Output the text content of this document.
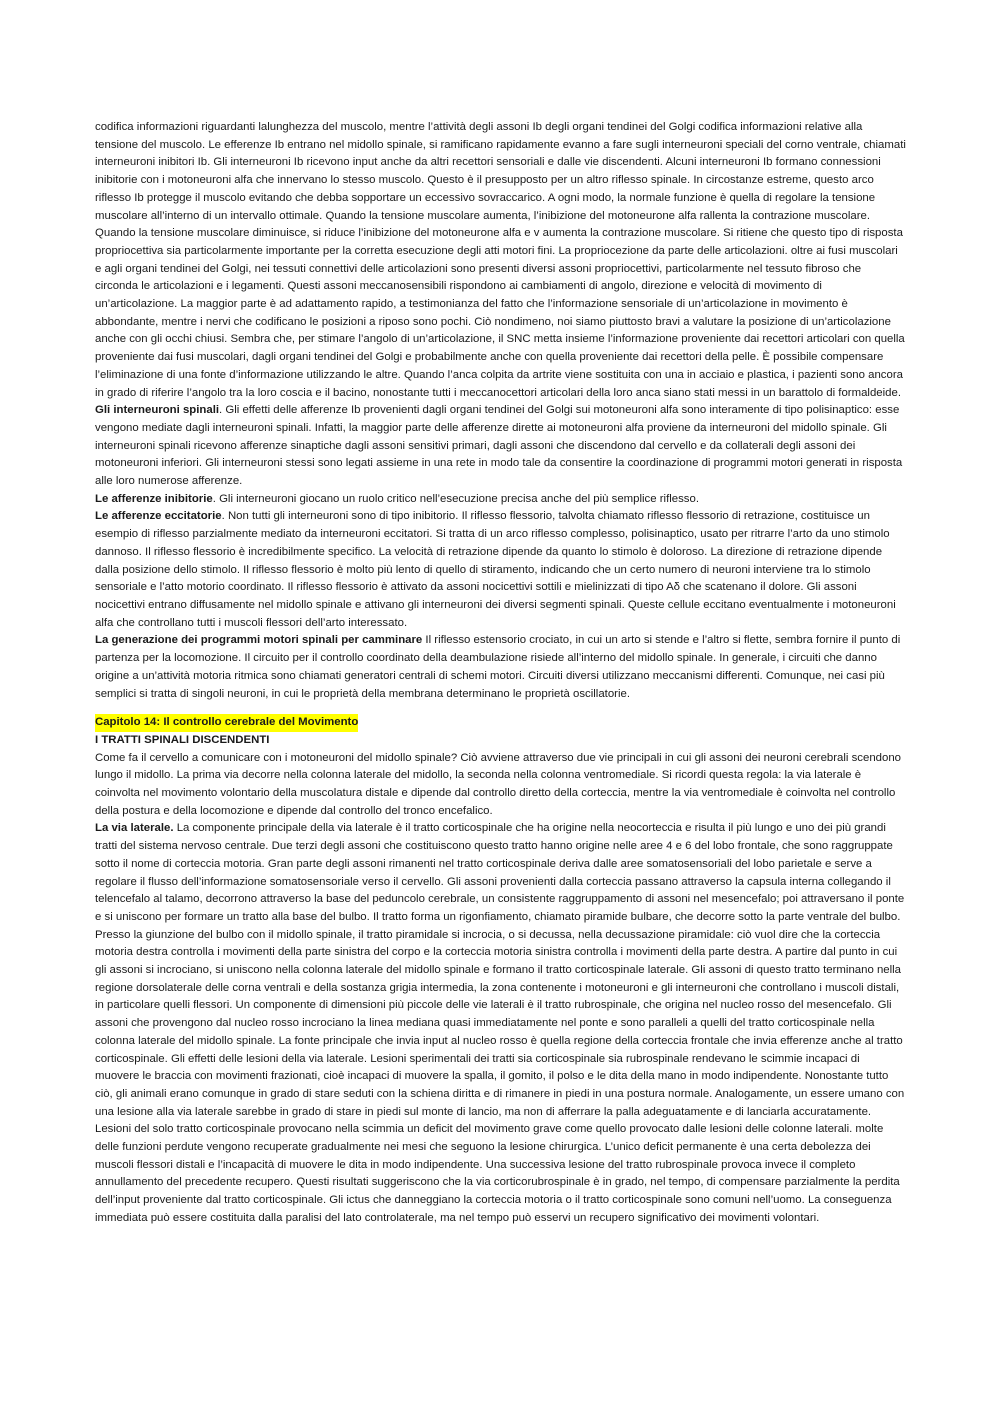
codifica informazioni riguardanti lalunghezza del muscolo, mentre l’attività degli assoni Ib degli organi tendinei del Golgi codifica informazioni relative alla tensione del muscolo. Le efferenze Ib entrano nel midollo spinale, si ramificano rapidamente evanno a fare sugli interneuroni speciali del corno ventrale, chiamati interneuroni inibitori Ib. Gli interneuroni Ib ricevono input anche da altri recettori sensoriali e dalle vie discendenti. Alcuni interneuroni Ib formano connessioni inibitorie con i motoneuroni alfa che innervano lo stesso muscolo. Questo è il presupposto per un altro riflesso spinale. In circostanze estreme, questo arco riflesso Ib protegge il muscolo evitando che debba sopportare un eccessivo sovraccarico. A ogni modo, la normale funzione è quella di regolare la tensione muscolare all’interno di un intervallo ottimale. Quando la tensione muscolare aumenta, l’inibizione del motoneurone alfa rallenta la contrazione muscolare. Quando la tensione muscolare diminuisce, si riduce l’inibizione del motoneurone alfa e v aumenta la contrazione muscolare. Si ritiene che questo tipo di risposta propriocettiva sia particolarmente importante per la corretta esecuzione degli atti motori fini. La propriocezione da parte delle articolazioni. oltre ai fusi muscolari e agli organi tendinei del Golgi, nei tessuti connettivi delle articolazioni sono presenti diversi assoni propriocettivi, particolarmente nel tessuto fibroso che circonda le articolazioni e i legamenti. Questi assoni meccanosensibili rispondono ai cambiamenti di angolo, direzione e velocità di movimento di un’articolazione. La maggior parte è ad adattamento rapido, a testimonianza del fatto che l’informazione sensoriale di un’articolazione in movimento è abbondante, mentre i nervi che codificano le posizioni a riposo sono pochi. Ciò nondimeno, noi siamo piuttosto bravi a valutare la posizione di un’articolazione anche con gli occhi chiusi. Sembra che, per stimare l’angolo di un’articolazione, il SNC metta insieme l’informazione proveniente dai recettori articolari con quella proveniente dai fusi muscolari, dagli organi tendinei del Golgi e probabilmente anche con quella proveniente dai recettori della pelle. È possibile compensare l’eliminazione di una fonte d’informazione utilizzando le altre. Quando l’anca colpita da artrite viene sostituita con una in acciaio e plastica, i pazienti sono ancora in grado di riferire l’angolo tra la loro coscia e il bacino, nonostante tutti i meccanocettori articolari della loro anca siano stati messi in un barattolo di formaldeide.

Gli interneuroni spinali. Gli effetti delle afferenze Ib provenienti dagli organi tendinei del Golgi sui motoneuroni alfa sono interamente di tipo polisinaptico: esse vengono mediate dagli interneuroni spinali. Infatti, la maggior parte delle afferenze dirette ai motoneuroni alfa proviene da interneuroni del midollo spinale. Gli interneuroni spinali ricevono afferenze sinaptiche dagli assoni sensitivi primari, dagli assoni che discendono dal cervello e da collaterali degli assoni dei motoneuroni inferiori. Gli interneuroni stessi sono legati assieme in una rete in modo tale da consentire la coordinazione di programmi motori generati in risposta alle loro numerose afferenze.

Le afferenze inibitorie. Gli interneuroni giocano un ruolo critico nell’esecuzione precisa anche del più semplice riflesso.

Le afferenze eccitatorie. Non tutti gli interneuroni sono di tipo inibitorio. Il riflesso flessorio, talvolta chiamato riflesso flessorio di retrazione, costituisce un esempio di riflesso parzialmente mediato da interneuroni eccitatori. Si tratta di un arco riflesso complesso, polisinaptico, usato per ritrarre l’arto da uno stimolo dannoso. Il riflesso flessorio è incredibilmente specifico. La velocità di retrazione dipende da quanto lo stimolo è doloroso. La direzione di retrazione dipende dalla posizione dello stimolo. Il riflesso flessorio è molto più lento di quello di stiramento, indicando che un certo numero di neuroni interviene tra lo stimolo sensoriale e l’atto motorio coordinato. Il riflesso flessorio è attivato da assoni nocicettivi sottili e mielinizzati di tipo Aδ che scatenano il dolore. Gli assoni nocicettivi entrano diffusamente nel midollo spinale e attivano gli interneuroni dei diversi segmenti spinali. Queste cellule eccitano eventualmente i motoneuroni alfa che controllano tutti i muscoli flessori dell’arto interessato.

La generazione dei programmi motori spinali per camminare Il riflesso estensorio crociato, in cui un arto si stende e l’altro si flette, sembra fornire il punto di partenza per la locomozione. Il circuito per il controllo coordinato della deambulazione risiede all’interno del midollo spinale. In generale, i circuiti che danno origine a un’attività motoria ritmica sono chiamati generatori centrali di schemi motori. Circuiti diversi utilizzano meccanismi differenti. Comunque, nei casi più semplici si tratta di singoli neuroni, in cui le proprietà della membrana determinano le proprietà oscillatorie.

Capitolo 14: Il controllo cerebrale del Movimento

I TRATTI SPINALI DISCENDENTI

Come fa il cervello a comunicare con i motoneuroni del midollo spinale? Ciò avviene attraverso due vie principali in cui gli assoni dei neuroni cerebrali scendono lungo il midollo. La prima via decorre nella colonna laterale del midollo, la seconda nella colonna ventromediale. Si ricordi questa regola: la via laterale è coinvolta nel movimento volontario della muscolatura distale e dipende dal controllo diretto della corteccia, mentre la via ventromediale è coinvolta nel controllo della postura e della locomozione e dipende dal controllo del tronco encefalico.

La via laterale. La componente principale della via laterale è il tratto corticospinale che ha origine nella neocorteccia e risulta il più lungo e uno dei più grandi tratti del sistema nervoso centrale. Due terzi degli assoni che costituiscono questo tratto hanno origine nelle aree 4 e 6 del lobo frontale, che sono raggruppate sotto il nome di corteccia motoria. Gran parte degli assoni rimanenti nel tratto corticospinale deriva dalle aree somatosensoriali del lobo parietale e serve a regolare il flusso dell’informazione somatosensoriale verso il cervello. Gli assoni provenienti dalla corteccia passano attraverso la capsula interna collegando il telencefalo al talamo, decorrono attraverso la base del peduncolo cerebrale, un consistente raggruppamento di assoni nel mesencefalo; poi attraversano il ponte e si uniscono per formare un tratto alla base del bulbo. Il tratto forma un rigonfiamento, chiamato piramide bulbare, che decorre sotto la parte ventrale del bulbo. Presso la giunzione del bulbo con il midollo spinale, il tratto piramidale si incrocia, o si decussa, nella decussazione piramidale: ciò vuol dire che la corteccia motoria destra controlla i movimenti della parte sinistra del corpo e la corteccia motoria sinistra controlla i movimenti della parte destra. A partire dal punto in cui gli assoni si incrociano, si uniscono nella colonna laterale del midollo spinale e formano il tratto corticospinale laterale. Gli assoni di questo tratto terminano nella regione dorsolaterale delle corna ventrali e della sostanza grigia intermedia, la zona contenente i motoneuroni e gli interneuroni che controllano i muscoli distali, in particolare quelli flessori. Un componente di dimensioni più piccole delle vie laterali è il tratto rubrospinale, che origina nel nucleo rosso del mesencefalo. Gli assoni che provengono dal nucleo rosso incrociano la linea mediana quasi immediatamente nel ponte e sono paralleli a quelli del tratto corticospinale nella colonna laterale del midollo spinale. La fonte principale che invia input al nucleo rosso è quella regione della corteccia frontale che invia efferenze anche al tratto corticospinale. Gli effetti delle lesioni della via laterale. Lesioni sperimentali dei tratti sia corticospinale sia rubrospinale rendevano le scimmie incapaci di muovere le braccia con movimenti frazionati, cioè incapaci di muovere la spalla, il gomito, il polso e le dita della mano in modo indipendente. Nonostante tutto ciò, gli animali erano comunque in grado di stare seduti con la schiena diritta e di rimanere in piedi in una postura normale. Analogamente, un essere umano con una lesione alla via laterale sarebbe in grado di stare in piedi sul monte di lancio, ma non di afferrare la palla adeguatamente e di lanciarla accuratamente. Lesioni del solo tratto corticospinale provocano nella scimmia un deficit del movimento grave come quello provocato dalle lesioni delle colonne laterali. molte delle funzioni perdute vengono recuperate gradualmente nei mesi che seguono la lesione chirurgica. L’unico deficit permanente è una certa debolezza dei muscoli flessori distali e l’incapacità di muovere le dita in modo indipendente. Una successiva lesione del tratto rubrospinale provoca invece il completo annullamento del precedente recupero. Questi risultati suggeriscono che la via corticorubrospinale è in grado, nel tempo, di compensare parzialmente la perdita dell’input proveniente dal tratto corticospinale. Gli ictus che danneggiano la corteccia motoria o il tratto corticospinale sono comuni nell’uomo. La conseguenza immediata può essere costituita dalla paralisi del lato controlaterale, ma nel tempo può esservi un recupero significativo dei movimenti volontari.
